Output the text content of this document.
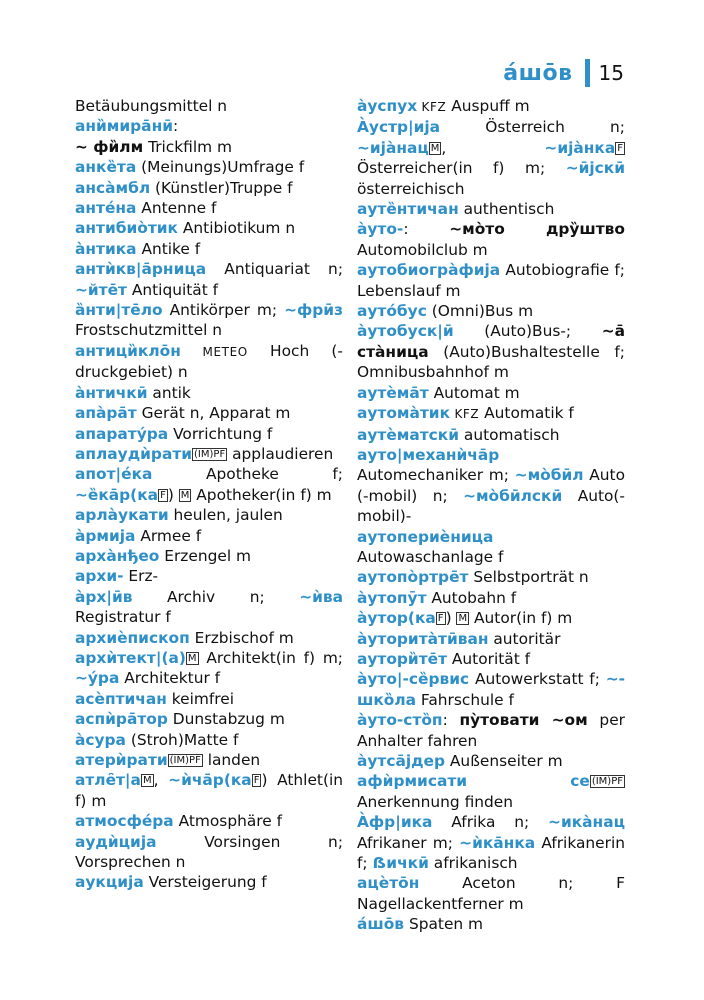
а́шо̄в 15

Betäubungsmittel n

ани̏мира̄нӣ:

~ фи̏лм Trickfilm m

анке̏та (Meinungs)Umfrage f

анса̀мбл (Künstler)Truppe f

анте́на Antenne f

антибио̀тик Antibiotikum n

а̀нтика Antike f

антѝкв|а̄рница Antiquariat n; ~йте̄т Antiquität f

а̏нти|те̄ло Antikörper m; ~фрӣз Frostschutzmittel n

антици̏кло̄н METEO Hoch (-druckgebiet) n

а̀нтичкӣ antik

апа̀ра̄т Gerät n, Apparat m

апарату́ра Vorrichtung f

аплаудѝрати (IM)PF applaudieren

апот|е́ка Apotheke f; ~е̏ка̄р(ка F ) M Apotheker(in f) m

арла̀укати heulen, jaulen

а̀рмија Armee f

арха̀нђео Erzengel m

архи- Erz-

а̀рх|ӣв Archiv n; ~ѝва Registratur f

архиѐпископ Erzbischof m

архѝтект|(а) M Architekt(in f) m; ~у́ра Architektur f

асѐптичан keimfrei

аспѝра̄тор Dunstabzug m

а̀сура (Stroh)Matte f

атерѝрати (IM)PF landen

атле̑т|а M , ~ѝча̄р(ка F ) Athlet(in f) m

атмосфе́ра Atmosphäre f

аудѝција Vorsingen n; Vorsprechen n

аукција Versteigerung f

а̀успух KFZ Auspuff m

А̀устр|ија Österreich n; ~ија̀нац M , ~ија̀нка F Österreicher(in f) m; ~ӣјскӣ österreichisch

ауте̏нтичан authentisch

а̀уто-: ~мо̀то дру̏штво Automobilclub m

аутобиогра̀фија Autobiografie f; Lebenslauf m

ауто́бус (Omni)Bus m

а̀утобуск|ӣ (Auto)Bus-; ~а̄ ста̀ница (Auto)Bushaltestelle f; Omnibusbahnhof m

аутѐма̄т Automat m

аутома̀тик KFZ Automatik f

аутѐматскӣ automatisch

ауто|механѝча̄р Automechaniker m; ~мо̀бӣл Auto (-mobil) n; ~мо̀бӣлскӣ Auto(-mobil)-

аутопериѐница Autowaschanlage f

аутопо̀ртре̄т Selbstporträt n

а̀утопӯт Autobahn f

а̀утор(ка F ) M Autor(in f) m

а̀уторита̀тӣван autoritär

аутори̏те̄т Autorität f

а̀уто|-се̏рвис Autowerkstatt f; ~-шко̏ла Fahrschule f

а̀уто-сто̏п: пу̀товати ~ом per Anhalter fahren

а̀утса̄јдер Außenseiter m

афѝрмисати се (IM)PF Anerkennung finden

А̀фр|ика Afrika n; ~ика̀нац Afrikaner m; ~ѝка̄нка Afrikanerin f; ẞичкӣ afrikanisch

ацѐто̄н Aceton n; F Nagellackentferner m

а́шо̄в Spaten m
